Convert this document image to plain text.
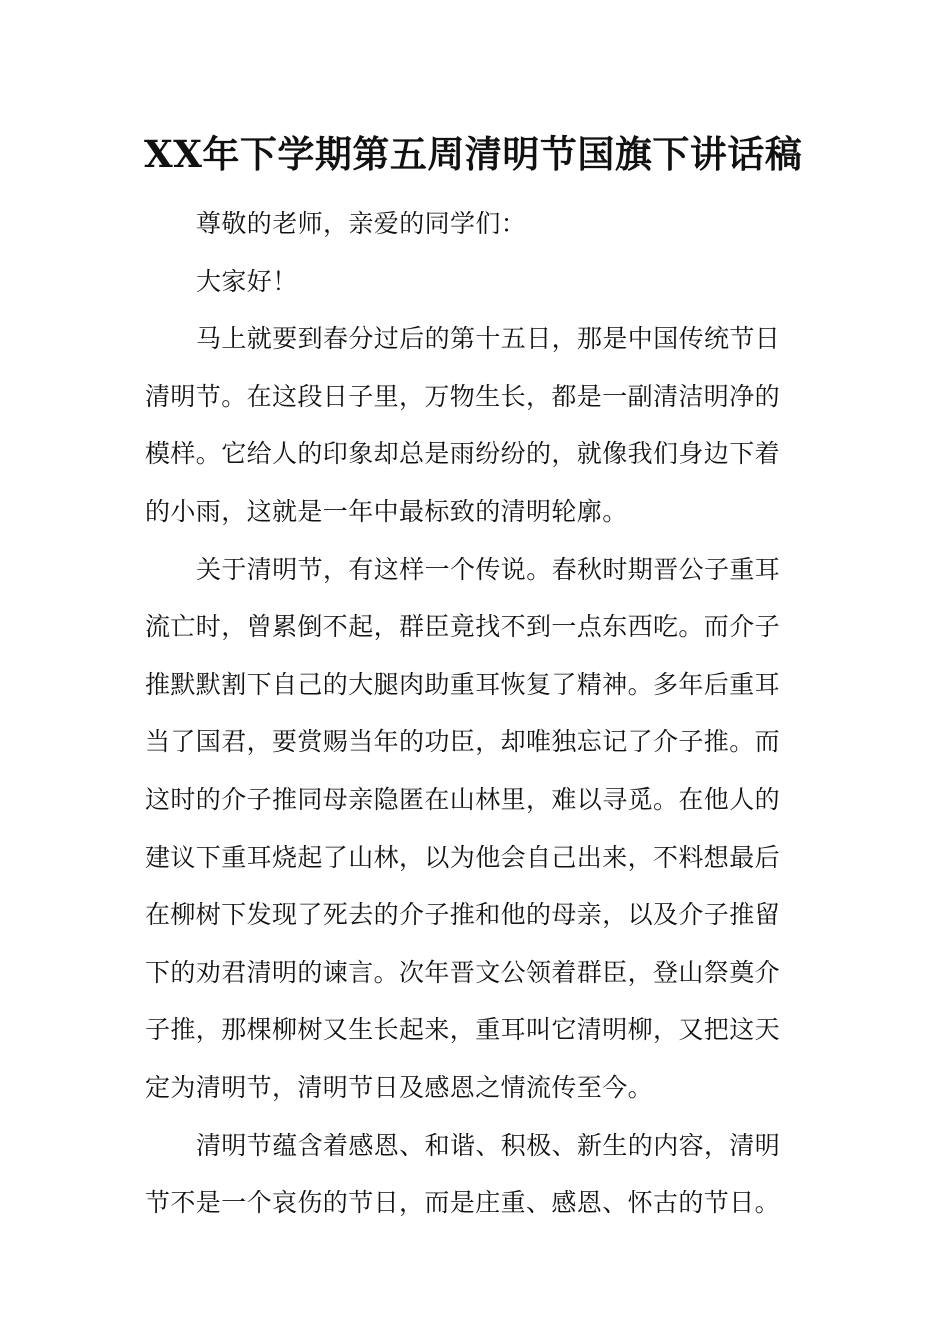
XX年下学期第五周清明节国旗下讲话稿
尊敬的老师，亲爱的同学们：
大家好！
马上就要到春分过后的第十五日，那是中国传统节日
清明节。在这段日子里，万物生长，都是一副清洁明净的
模样。它给人的印象却总是雨纷纷的，就像我们身边下着
的小雨，这就是一年中最标致的清明轮廓。
关于清明节，有这样一个传说。春秋时期晋公子重耳
流亡时，曾累倒不起，群臣竟找不到一点东西吃。而介子
推默默割下自己的大腿肉助重耳恢复了精神。多年后重耳
当了国君，要赏赐当年的功臣，却唯独忘记了介子推。而
这时的介子推同母亲隐匿在山林里，难以寻觅。在他人的
建议下重耳烧起了山林，以为他会自己出来，不料想最后
在柳树下发现了死去的介子推和他的母亲，以及介子推留
下的劝君清明的谏言。次年晋文公领着群臣，登山祭奠介
子推，那棵柳树又生长起来，重耳叫它清明柳，又把这天
定为清明节，清明节日及感恩之情流传至今。
清明节蕴含着感恩、和谐、积极、新生的内容，清明
节不是一个哀伤的节日，而是庄重、感恩、怀古的节日。
